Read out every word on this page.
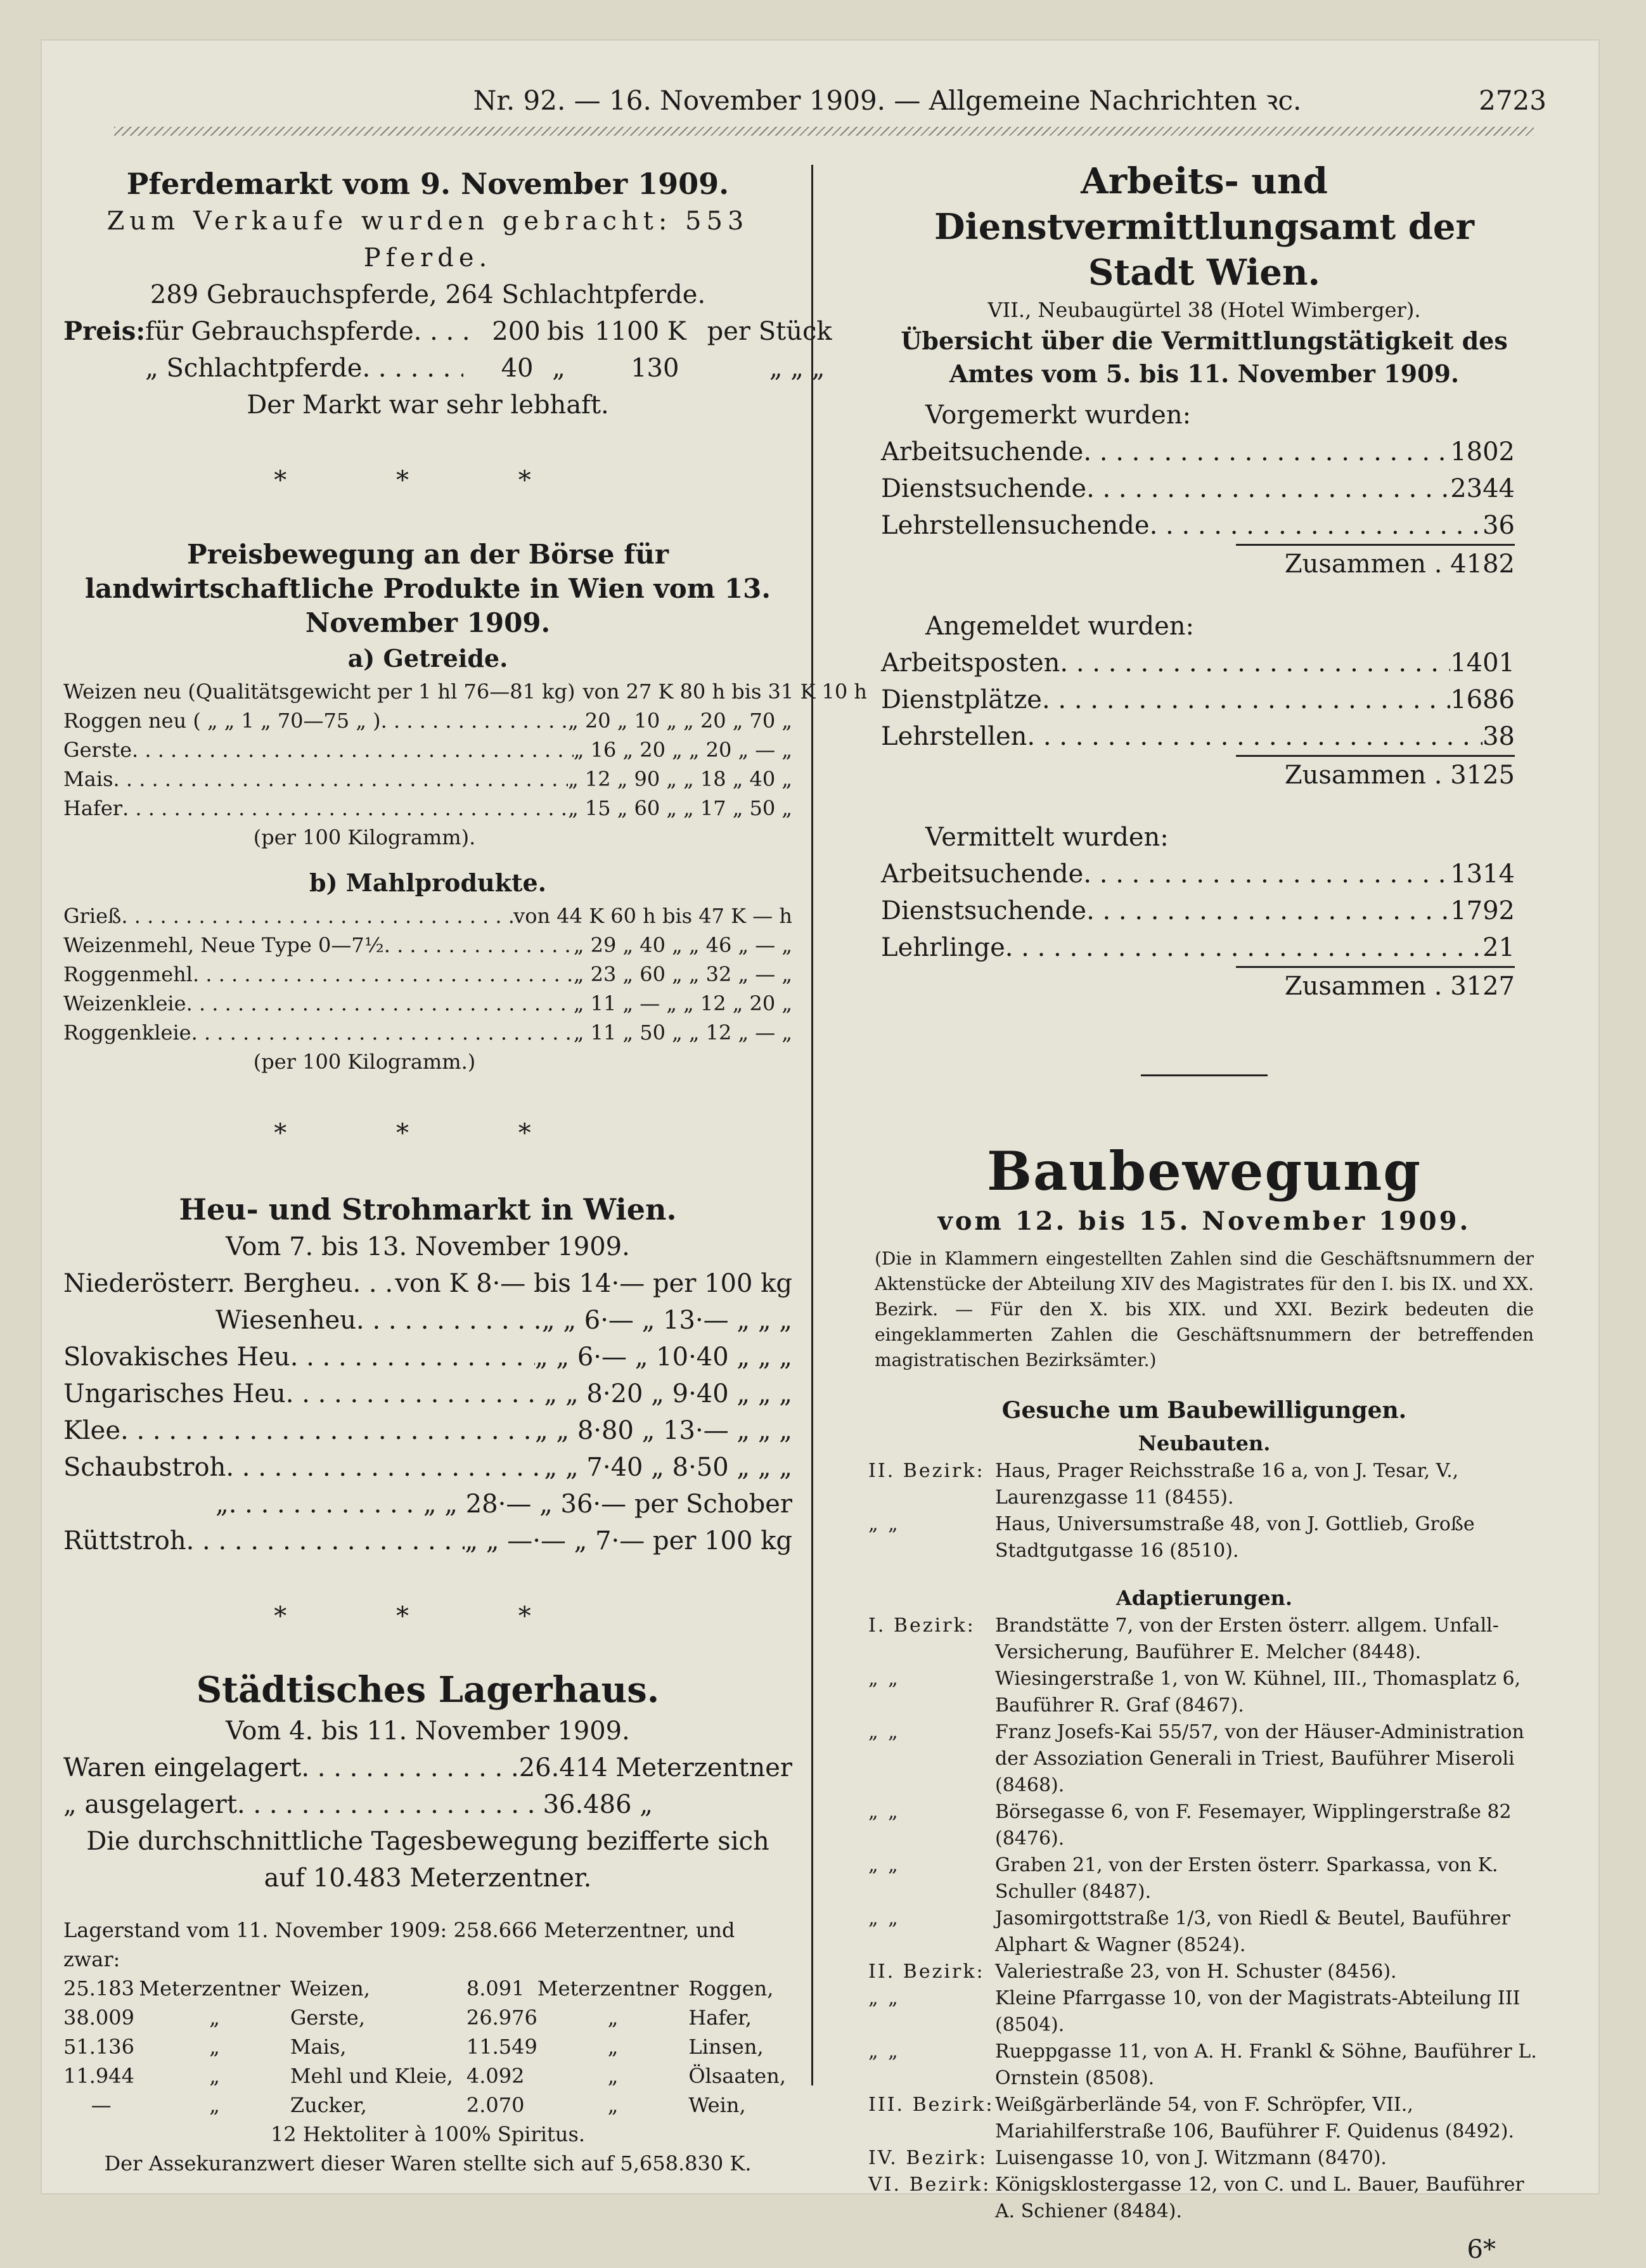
Nr. 92. — 16. November 1909. — Allgemeine Nachrichten ꝛc.	2723
Pferdemarkt vom 9. November 1909.
Zum Verkaufe wurden gebracht: 553 Pferde.
289 Gebrauchspferde, 264 Schlachtpferde.
Preis: für Gebrauchspferde . . .	200 bis 1100 K per Stück
„ Schlachtpferde . . .	40 „	130	„ „ „
Der Markt war sehr lebhaft.
* * *
Preisbewegung an der Börse für landwirtschaftliche Produkte in Wien vom 13. November 1909.
a) Getreide.
Weizen neu (Qualitätsgewicht per 1 hl 76—81 kg) von 27 K 80 h bis 31 K 10 h
Roggen neu ( „ „ 1 „ 70—75 „ ) . . .	„ 20 „ 10 „ „ 20 „ 70 „
Gerste . . .	„ 16 „ 20 „ „ 20 „ — „
Mais . . .	„ 12 „ 90 „ „ 18 „ 40 „
Hafer . . .	„ 15 „ 60 „ „ 17 „ 50 „
(per 100 Kilogramm).
b) Mahlprodukte.
Grieß . . .	von 44 K 60 h bis 47 K — h
Weizenmehl, Neue Type 0—7½ . . .	„ 29 „ 40 „ „ 46 „ — „
Roggenmehl . . .	„ 23 „ 60 „ „ 32 „ — „
Weizenkleie . . .	„ 11 „ — „ „ 12 „ 20 „
Roggenkleie . . .	„ 11 „ 50 „ „ 12 „ — „
(per 100 Kilogramm.)
* * *
Heu- und Strohmarkt in Wien.
Vom 7. bis 13. November 1909.
Niederösterr. Bergheu . . . von K 8·— bis 14·— per 100 kg
Wiesenheu . . .	„ „ 6·— „ 13·— „ „ „
Slovakisches Heu . . .	„ „ 6·— „ 10·40 „ „ „
Ungarisches Heu . . .	„ „ 8·20 „ 9·40 „ „ „
Klee . . .	„ „ 8·80 „ 13·— „ „ „
Schaubstroh . . .	„ „ 7·40 „ 8·50 „ „ „
„ . . .	„ „ 28·— „ 36·— per Schober
Rüttstroh . . .	„ „ —·— „ 7·— per 100 kg
* * *
Städtisches Lagerhaus.
Vom 4. bis 11. November 1909.
Waren eingelagert . . .	26.414 Meterzentner
„ ausgelagert . . .	36.486 „
Die durchschnittliche Tagesbewegung bezifferte sich auf 10.483 Meterzentner.
Lagerstand vom 11. November 1909: 258.666 Meterzentner, und zwar:
25.183	Meterzentner	Weizen,	8.091	Meterzentner	Roggen,
38.009	„	Gerste,	26.976	„	Hafer,
51.136	„	Mais,	11.549	„	Linsen,
11.944	„	Mehl und Kleie,	4.092	„	Ölsaaten,
—	„	Zucker,	2.070	„	Wein,
12 Hektoliter à 100% Spiritus.
Der Assekuranzwert dieser Waren stellte sich auf 5,658.830 K.
Arbeits- und Dienstvermittlungsamt der Stadt Wien.
VII., Neubaugürtel 38 (Hotel Wimberger).
Übersicht über die Vermittlungstätigkeit des Amtes vom 5. bis 11. November 1909.
Vorgemerkt wurden:
Arbeitsuchende . . .	1802
Dienstsuchende . . .	2344
Lehrstellensuchende . . .	36
Zusammen . 4182
Angemeldet wurden:
Arbeitsposten . . .	1401
Dienstplätze . . .	1686
Lehrstellen . . .	38
Zusammen . 3125
Vermittelt wurden:
Arbeitsuchende . . .	1314
Dienstsuchende . . .	1792
Lehrlinge . . .	21
Zusammen . 3127
Baubewegung
vom 12. bis 15. November 1909.
(Die in Klammern eingestellten Zahlen sind die Geschäftsnummern der Aktenstücke der Abteilung XIV des Magistrates für den I. bis IX. und XX. Bezirk. — Für den X. bis XIX. und XXI. Bezirk bedeuten die eingeklammerten Zahlen die Geschäftsnummern der betreffenden magistratischen Bezirksämter.)
Gesuche um Baubewilligungen.
Neubauten.
II. Bezirk: Haus, Prager Reichsstraße 16 a, von J. Tesar, V., Laurenzgasse 11 (8455).
„ „	Haus, Universumstraße 48, von J. Gottlieb, Große Stadtgutgasse 16 (8510).
Adaptierungen.
I. Bezirk:	Brandstätte 7, von der Ersten österr. allgem. Unfall-Versicherung, Bauführer E. Melcher (8448).
„ „	Wiesingerstraße 1, von W. Kühnel, III., Thomasplatz 6, Bauführer R. Graf (8467).
„ „	Franz Josefs-Kai 55/57, von der Häuser-Administration der Assoziation Generali in Triest, Bauführer Miseroli (8468).
„ „	Börsegasse 6, von F. Fesemayer, Wipplingerstraße 82 (8476).
„ „	Graben 21, von der Ersten österr. Sparkassa, von K. Schuller (8487).
„ „	Jasomirgottstraße 1/3, von Riedl & Beutel, Bauführer Alphart & Wagner (8524).
II. Bezirk: Valeriestraße 23, von H. Schuster (8456).
„ „	Kleine Pfarrgasse 10, von der Magistrats-Abteilung III (8504).
„ „	Rueppgasse 11, von A. H. Frankl & Söhne, Bauführer L. Ornstein (8508).
III. Bezirk: Weißgärberlände 54, von F. Schröpfer, VII., Mariahilferstraße 106, Bauführer F. Quidenus (8492).
IV. Bezirk: Luisengasse 10, von J. Witzmann (8470).
VI. Bezirk: Königsklostergasse 12, von C. und L. Bauer, Bauführer A. Schiener (8484).
6*
